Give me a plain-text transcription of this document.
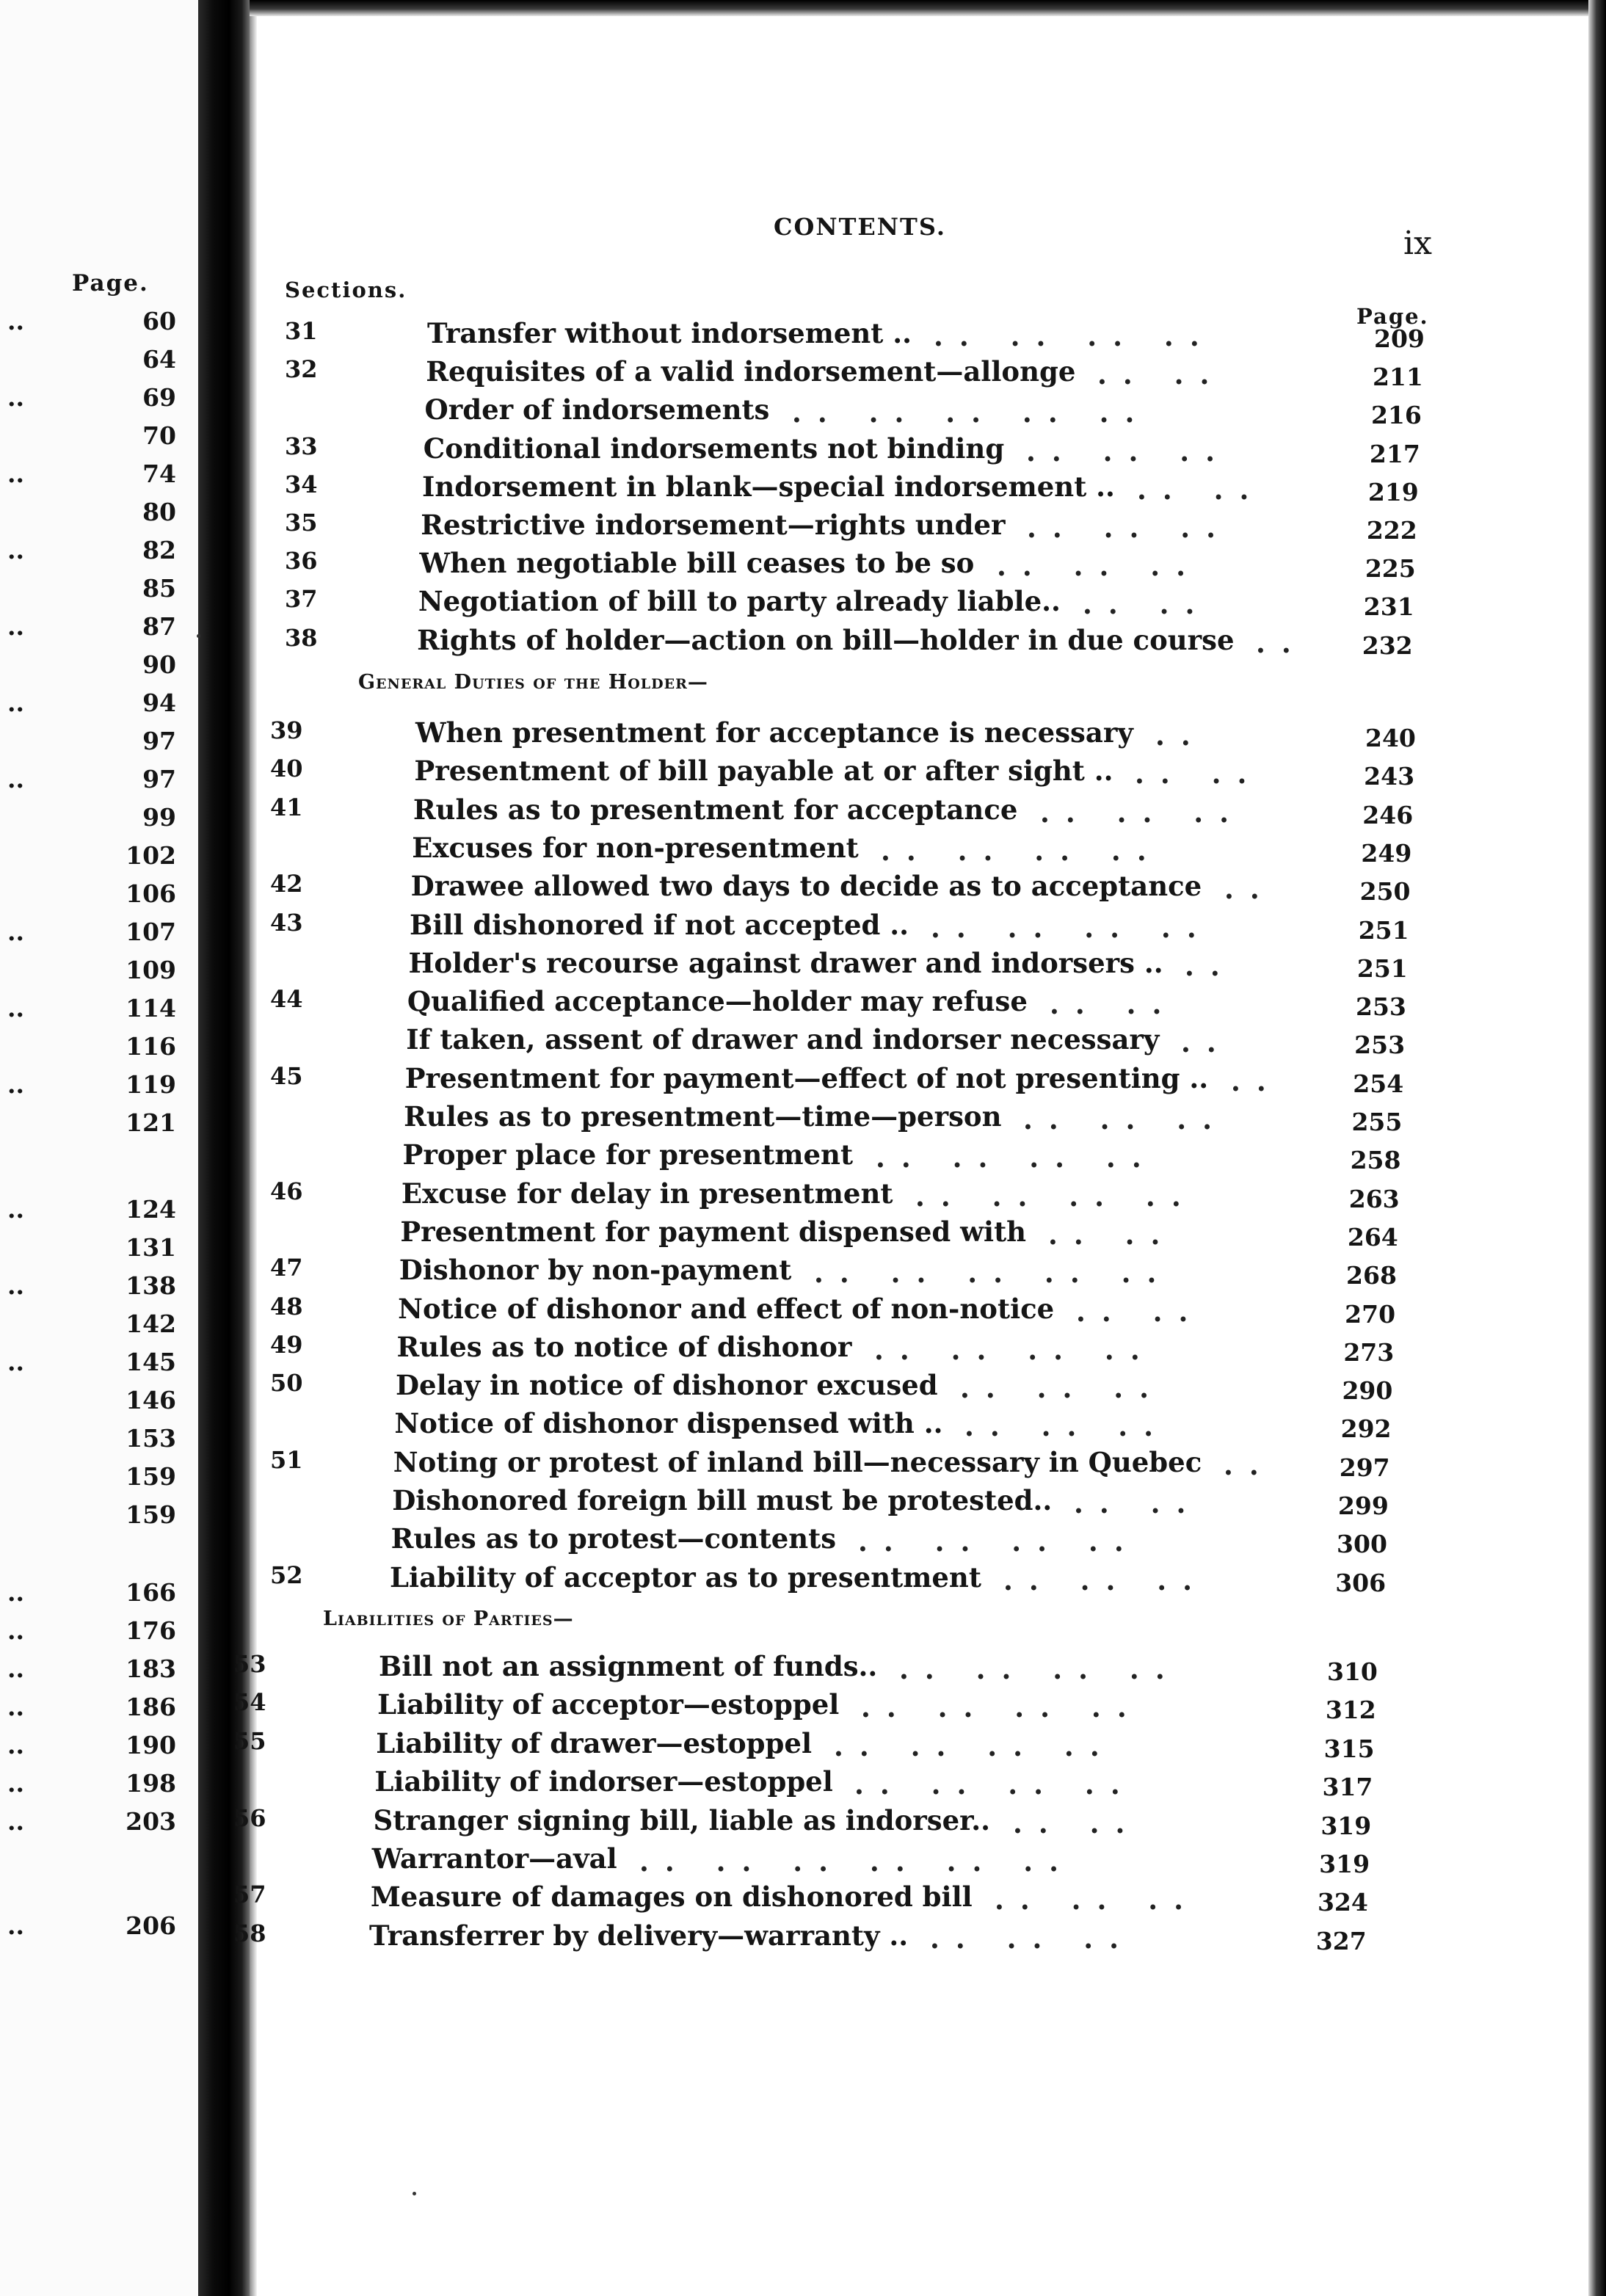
Page.
..	60
64
..	69
70
..	74
80
..	82
85
..	87
90
..	94
97
..	97
99
102
106
..	107
109
..	114
116
..	119
121
..	124
131
..	138
142
..	145
146
153
159
159
..	166
..	176
..	183
..	186
..	190
..	198
..	203
..	206
CONTENTS.	ix
Sections.
Page.
31	Transfer without indorsement ..	209
.. .. .. ..
32	Requisites of a valid indorsement—allonge	211
.. ..
Order of indorsements	216
.. .. .. .. ..
33	Conditional indorsements not binding	217
.. .. ..
34	Indorsement in blank—special indorsement ..	219
.. ..
35	Restrictive indorsement—rights under	222
.. .. ..
36	When negotiable bill ceases to be so	225
.. .. ..
37	Negotiation of bill to party already liable..	231
.. ..
38	Rights of holder—action on bill—holder in due course	232
..
General Duties of the Holder—
39	When presentment for acceptance is necessary	240
..
40	Presentment of bill payable at or after sight ..	243
.. ..
41	Rules as to presentment for acceptance	246
.. .. ..
Excuses for non-presentment	249
.. .. .. ..
42	Drawee allowed two days to decide as to acceptance	250
..
43	Bill dishonored if not accepted ..	251
.. .. .. ..
Holder's recourse against drawer and indorsers ..	251
..
44	Qualified acceptance—holder may refuse	253
.. ..
If taken, assent of drawer and indorser necessary	253
..
45	Presentment for payment—effect of not presenting ..	254
..
Rules as to presentment—time—person	255
.. .. ..
Proper place for presentment	258
.. .. .. ..
46	Excuse for delay in presentment	263
.. .. .. ..
Presentment for payment dispensed with	264
.. ..
47	Dishonor by non-payment	268
.. .. .. .. ..
48	Notice of dishonor and effect of non-notice	270
.. ..
49	Rules as to notice of dishonor	273
.. .. .. ..
50	Delay in notice of dishonor excused	290
.. .. ..
Notice of dishonor dispensed with ..	292
.. .. ..
51	Noting or protest of inland bill—necessary in Quebec	297
..
Dishonored foreign bill must be protested..	299
.. ..
Rules as to protest—contents	300
.. .. .. ..
52	Liability of acceptor as to presentment	306
.. .. ..
Liabilities of Parties—
53	Bill not an assignment of funds..	310
.. .. .. ..
54	Liability of acceptor—estoppel	312
.. .. .. ..
55	Liability of drawer—estoppel	315
.. .. .. ..
Liability of indorser—estoppel	317
.. .. .. ..
56	Stranger signing bill, liable as indorser..	319
.. ..
Warrantor—aval	319
.. .. .. .. .. ..
57	Measure of damages on dishonored bill	324
.. .. ..
58	Transferrer by delivery—warranty ..	327
.. .. ..
